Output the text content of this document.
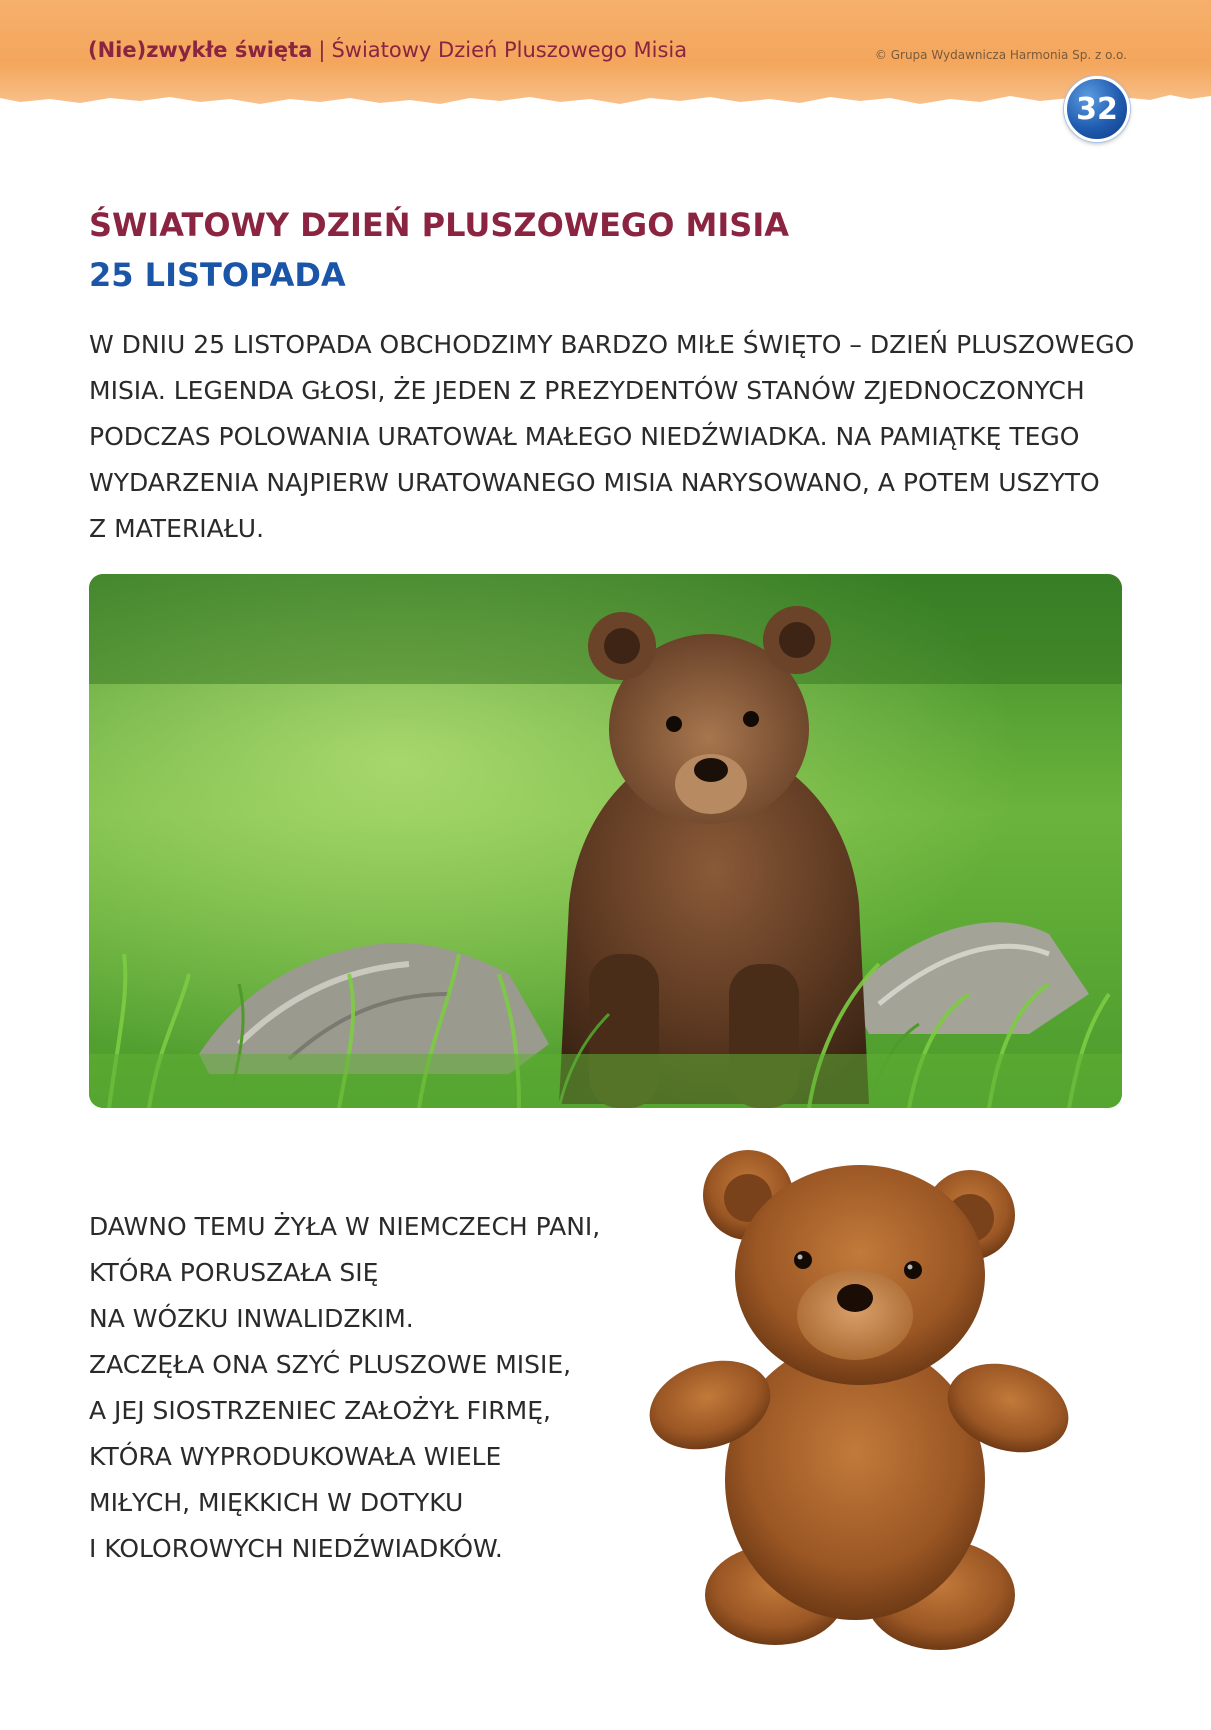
(Nie)zwykłe święta | Światowy Dzień Pluszowego Misia	© Grupa Wydawnicza Harmonia Sp. z o.o.
32
ŚWIATOWY DZIEŃ PLUSZOWEGO MISIA
25 LISTOPADA

W DNIU 25 LISTOPADA OBCHODZIMY BARDZO MIŁE ŚWIĘTO – DZIEŃ PLUSZOWEGO
MISIA. LEGENDA GŁOSI, ŻE JEDEN Z PREZYDENTÓW STANÓW ZJEDNOCZONYCH
PODCZAS POLOWANIA URATOWAŁ MAŁEGO NIEDŹWIADKA. NA PAMIĄTKĘ TEGO
WYDARZENIA NAJPIERW URATOWANEGO MISIA NARYSOWANO, A POTEM USZYTO
Z MATERIAŁU.

DAWNO TEMU ŻYŁA W NIEMCZECH PANI,
KTÓRA PORUSZAŁA SIĘ
NA WÓZKU INWALIDZKIM.
ZACZĘŁA ONA SZYĆ PLUSZOWE MISIE,
A JEJ SIOSTRZENIEC ZAŁOŻYŁ FIRMĘ,
KTÓRA WYPRODUKOWAŁA WIELE
MIŁYCH, MIĘKKICH W DOTYKU
I KOLOROWYCH NIEDŹWIADKÓW.
